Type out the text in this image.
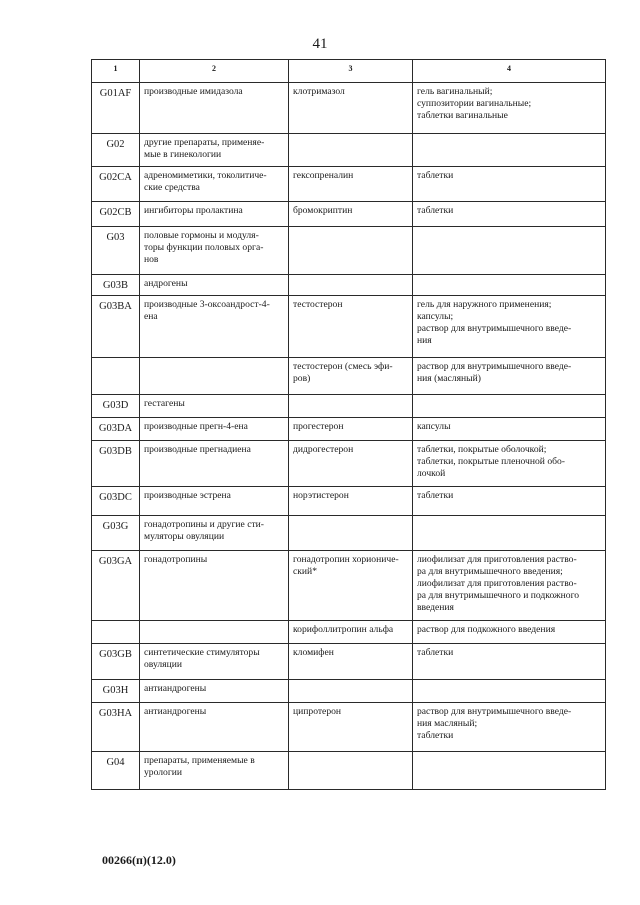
41
1	2	3	4
G01AF	производные имидазола	клотримазол	гель вагинальный;
суппозитории вагинальные;
таблетки вагинальные
G02	другие препараты, применяе-
мые в гинекологии		
G02CA	адреномиметики, токолитиче-
ские средства	гексопреналин	таблетки
G02CB	ингибиторы пролактина	бромокриптин	таблетки
G03	половые гормоны и модуля-
торы функции половых орга-
нов		
G03B	андрогены		
G03BA	производные 3-оксоандрост-4-
ена	тестостерон	гель для наружного применения;
капсулы;
раствор для внутримышечного введе-
ния
		тестостерон (смесь эфи-
ров)	раствор для внутримышечного введе-
ния (масляный)
G03D	гестагены		
G03DA	производные прегн-4-ена	прогестерон	капсулы
G03DB	производные прегнадиена	дидрогестерон	таблетки, покрытые оболочкой;
таблетки, покрытые пленочной обо-
лочкой
G03DC	производные эстрена	норэтистерон	таблетки
G03G	гонадотропины и другие сти-
муляторы овуляции		
G03GA	гонадотропины	гонадотропин хориониче-
ский*	лиофилизат для приготовления раство-
ра для внутримышечного введения;
лиофилизат для приготовления раство-
ра для внутримышечного и подкожного
введения
		корифоллитропин альфа	раствор для подкожного введения
G03GB	синтетические стимуляторы
овуляции	кломифен	таблетки
G03H	антиандрогены		
G03HA	антиандрогены	ципротерон	раствор для внутримышечного введе-
ния масляный;
таблетки
G04	препараты, применяемые в
урологии		
00266(п)(12.0)
